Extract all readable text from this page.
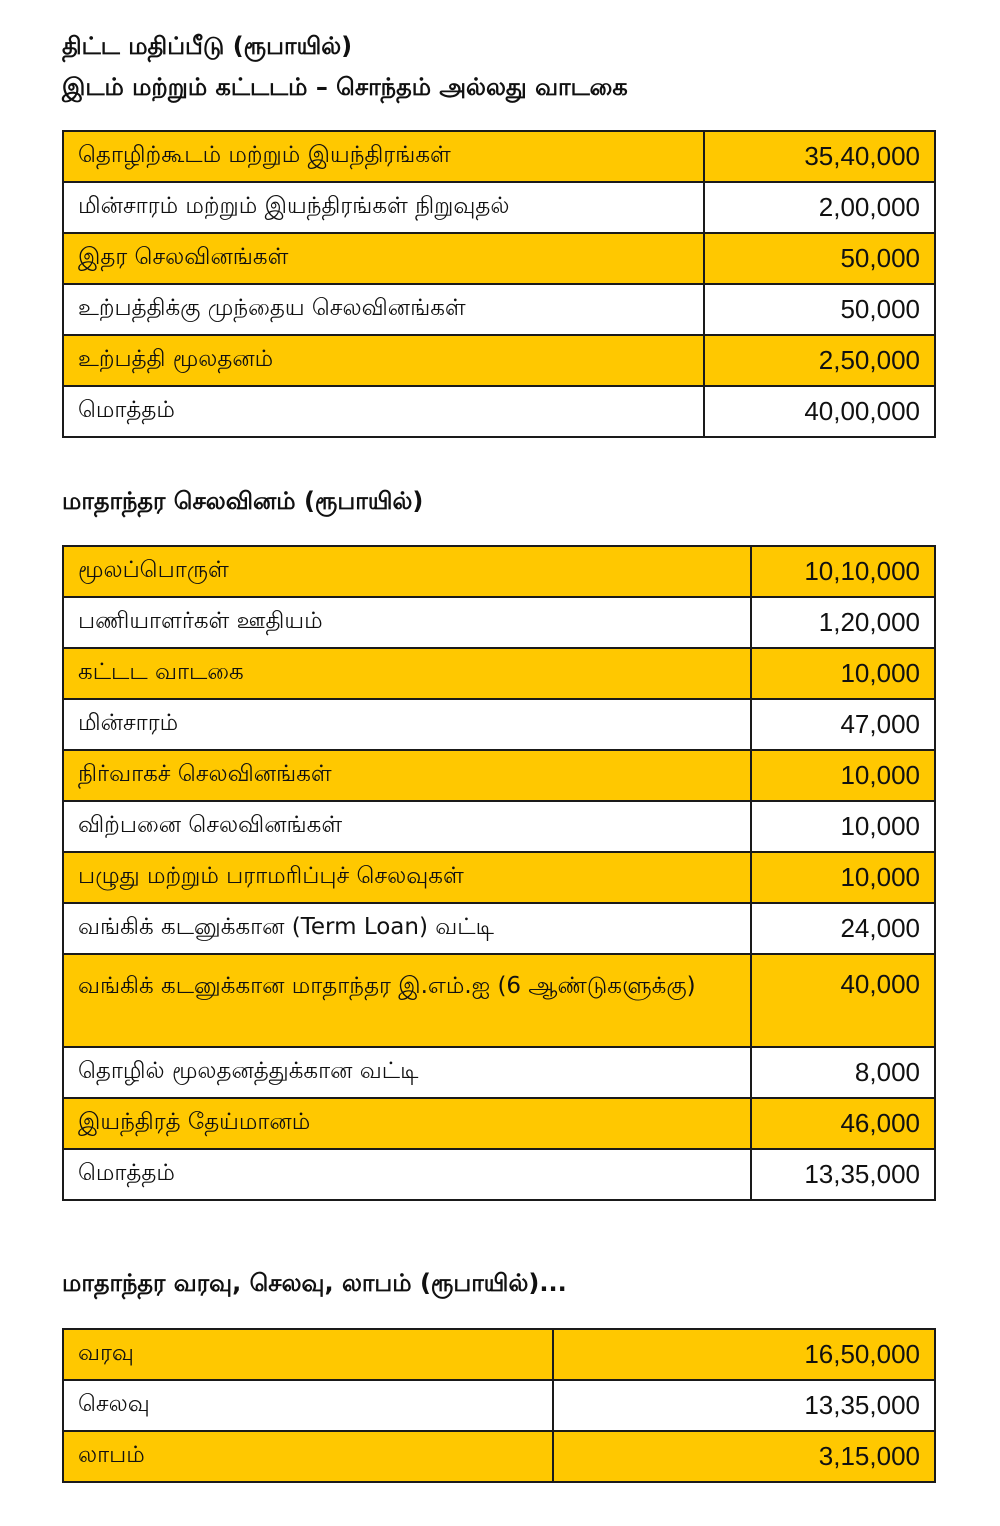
திட்ட மதிப்பீடு (ரூபாயில்)
இடம் மற்றும் கட்டடம் – சொந்தம் அல்லது வாடகை
தொழிற்கூடம் மற்றும் இயந்திரங்கள்	35,40,000
மின்சாரம் மற்றும் இயந்திரங்கள் நிறுவுதல்	2,00,000
இதர செலவினங்கள்	50,000
உற்பத்திக்கு முந்தைய செலவினங்கள்	50,000
உற்பத்தி மூலதனம்	2,50,000
மொத்தம்	40,00,000
மாதாந்தர செலவினம் (ரூபாயில்)
மூலப்பொருள்	10,10,000
பணியாளர்கள் ஊதியம்	1,20,000
கட்டட வாடகை	10,000
மின்சாரம்	47,000
நிர்வாகச் செலவினங்கள்	10,000
விற்பனை செலவினங்கள்	10,000
பழுது மற்றும் பராமரிப்புச் செலவுகள்	10,000
வங்கிக் கடனுக்கான (Term Loan) வட்டி	24,000
வங்கிக் கடனுக்கான மாதாந்தர இ.எம்.ஐ (6 ஆண்டுகளுக்கு)	40,000
தொழில் மூலதனத்துக்கான வட்டி	8,000
இயந்திரத் தேய்மானம்	46,000
மொத்தம்	13,35,000
மாதாந்தர வரவு, செலவு, லாபம் (ரூபாயில்)...
வரவு	16,50,000
செலவு	13,35,000
லாபம்	3,15,000
